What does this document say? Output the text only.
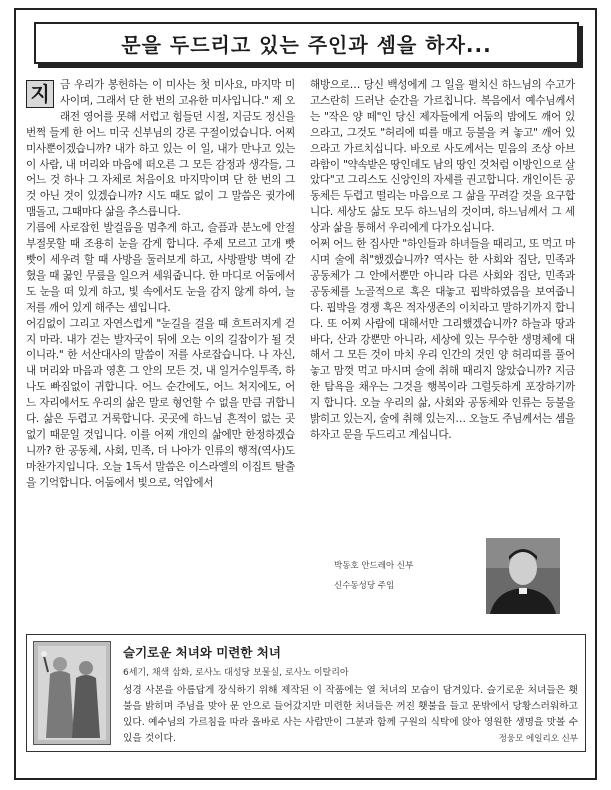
문을 두드리고 있는 주인과 셈을 하자...
지 금 우리가 봉헌하는 이 미사는 첫 미사요, 마지막 미사이며, 그래서 단 한 번의 고유한 미사입니다." 제 오래전 영어를 못해 서럽고 힘들던 시절, 지금도 정신을 번쩍 들게 한 어느 미국 신부님의 강론 구절이었습니다. 어찌 미사뿐이겠습니까? 내가 하고 있는 이 일, 내가 만나고 있는 이 사람, 내 머리와 마음에 떠오른 그 모든 감정과 생각들, 그 어느 것 하나 그 자체로 처음이요 마지막이며 단 한 번의 그것 아닌 것이 있겠습니까? 시도 때도 없이 그 말씀은 귓가에 맴돌고, 그때마다 삶을 추스릅니다.

기름에 사로잡힌 발걸음을 멈추게 하고, 슬픔과 분노에 안절부절못할 때 조용히 눈을 감게 합니다. 주제 모르고 고개 빳빳이 세우려 할 때 사방을 둘러보게 하고, 사방팔방 벽에 갇혔을 때 꿇인 무릎을 일으켜 세워줍니다. 한 마디로 어둠에서도 눈을 떠 있게 하고, 빛 속에서도 눈을 감지 않게 하여, 늘 저를 깨어 있게 해주는 셈입니다.

어김없이 그리고 자연스럽게 "눈길을 걸을 때 흐트러지게 걷지 마라. 내가 걷는 발자국이 뒤에 오는 이의 길잡이가 될 것이니라." 한 서산대사의 말씀이 저를 사로잡습니다. 나 자신, 내 머리와 마음과 영혼 그 안의 모든 것, 내 일거수일투족, 하나도 빠짐없이 귀합니다. 어느 순간에도, 어느 처지에도, 어느 자리에서도 우리의 삶은 말로 형언할 수 없을 만큼 귀합니다. 삶은 두렵고 거룩합니다. 곳곳에 하느님 흔적이 없는 곳 없기 때문일 것입니다. 이를 어찌 개인의 삶에만 한정하겠습니까? 한 공동체, 사회, 민족, 더 나아가 인류의 행적(역사)도 마찬가지입니다. 오늘 1독서 말씀은 이스라엘의 이집트 탈출을 기억합니다. 어둠에서 빛으로, 억압에서

해방으로… 당신 백성에게 그 일을 펼치신 하느님의 수고가 고스란히 드러난 순간을 가르칩니다. 복음에서 예수님께서는 "작은 양 떼"인 당신 제자들에게 어둠의 밤에도 깨어 있으라고, 그것도 "허리에 띠를 매고 등불을 켜 놓고" 깨어 있으라고 가르치십니다. 바오로 사도께서는 믿음의 조상 아브라함이 "약속받은 땅인데도 남의 땅인 것처럼 이방인으로 살았다"고 그리스도 신앙인의 자세를 권고합니다. 개인이든 공동체든 두렵고 떨리는 마음으로 그 삶을 꾸려갈 것을 요구합니다. 세상도 삶도 모두 하느님의 것이며, 하느님께서 그 세상과 삶을 통해서 우리에게 다가오십니다.

어쩌 어느 한 집사만 "하인들과 하녀들을 때리고, 또 먹고 마시며 술에 취"했겠습니까? 역사는 한 사회와 집단, 민족과 공동체가 그 안에서뿐만 아니라 다른 사회와 집단, 민족과 공동체를 노골적으로 혹은 대놓고 핍박하였음을 보여줍니다. 핍박을 경쟁 혹은 적자생존의 이치라고 말하기까지 합니다. 또 어찌 사람에 대해서만 그리했겠습니까? 하늘과 땅과 바다, 산과 강뿐만 아니라, 세상에 있는 무수한 생명체에 대해서 그 모든 것이 마치 우리 인간의 것인 양 허리띠를 풀어놓고 맘껏 먹고 마시며 술에 취해 때리지 않았습니까? 지금한 탐욕을 채우는 그것을 행복이라 그럴듯하게 포장하기까지 합니다. 오늘 우리의 삶, 사회와 공동체와 인류는 등불을 밝히고 있는지, 술에 취해 있는지… 오늘도 주님께서는 셈을 하자고 문을 두드리고 계십니다.

박동호 안드레아 신부
신수동성당 주임

슬기로운 처녀와 미련한 처녀

6세기, 채색 삽화, 로사노 대성당 보물실, 로사노 이탈리아

성경 사본을 아름답게 장식하기 위해 제작된 이 작품에는 열 처녀의 모습이 담겨있다. 슬기로운 처녀들은 횃불을 밝히며 주님을 맞아 문 안으로 들어갔지만 미련한 처녀들은 꺼진 횃불을 들고 문밖에서 당황스러워하고 있다. 예수님의 가르침을 따라 올바로 사는 사람만이 그분과 함께 구원의 식탁에 앉아 영원한 생명을 맛볼 수 있을 것이다.	정웅모 에일리오 신부
